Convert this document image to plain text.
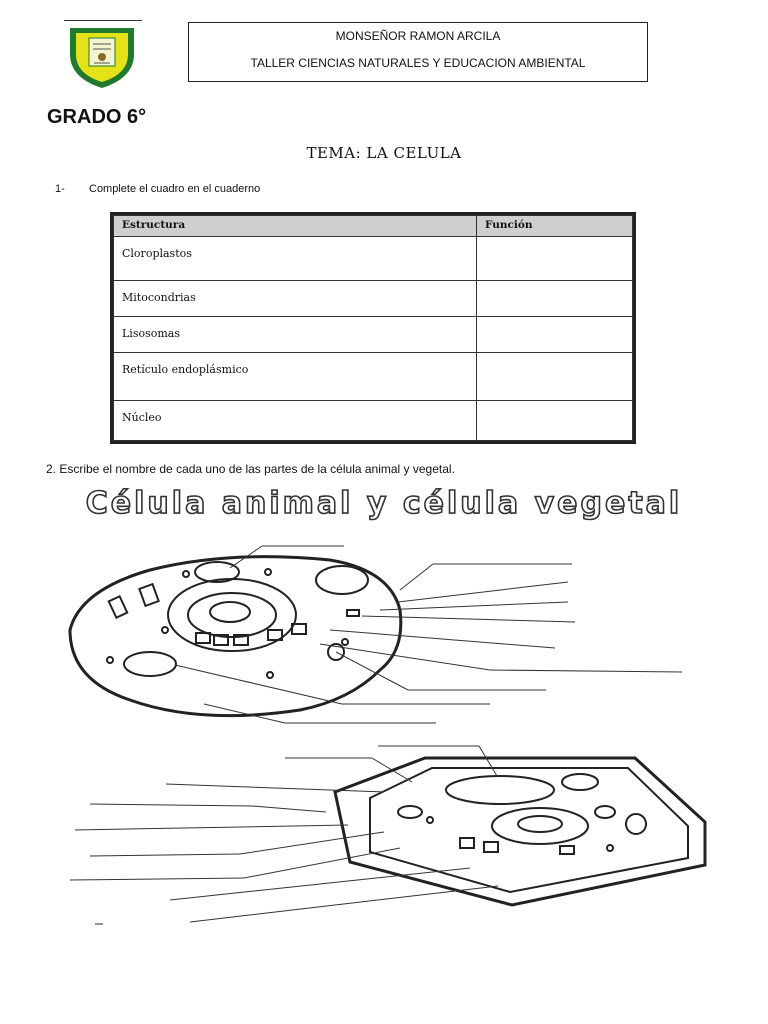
MONSEÑOR RAMON ARCILA
TALLER CIENCIAS NATURALES Y EDUCACION AMBIENTAL
GRADO 6°
TEMA: LA CELULA
1- Complete el cuadro en el cuaderno
Estructura	Función
Cloroplastos	
Mitocondrias	
Lisosomas	
Retículo endoplásmico	
Núcleo	
2. Escribe el nombre de cada uno de las partes de la célula animal y vegetal.
Célula animal y célula vegetal
